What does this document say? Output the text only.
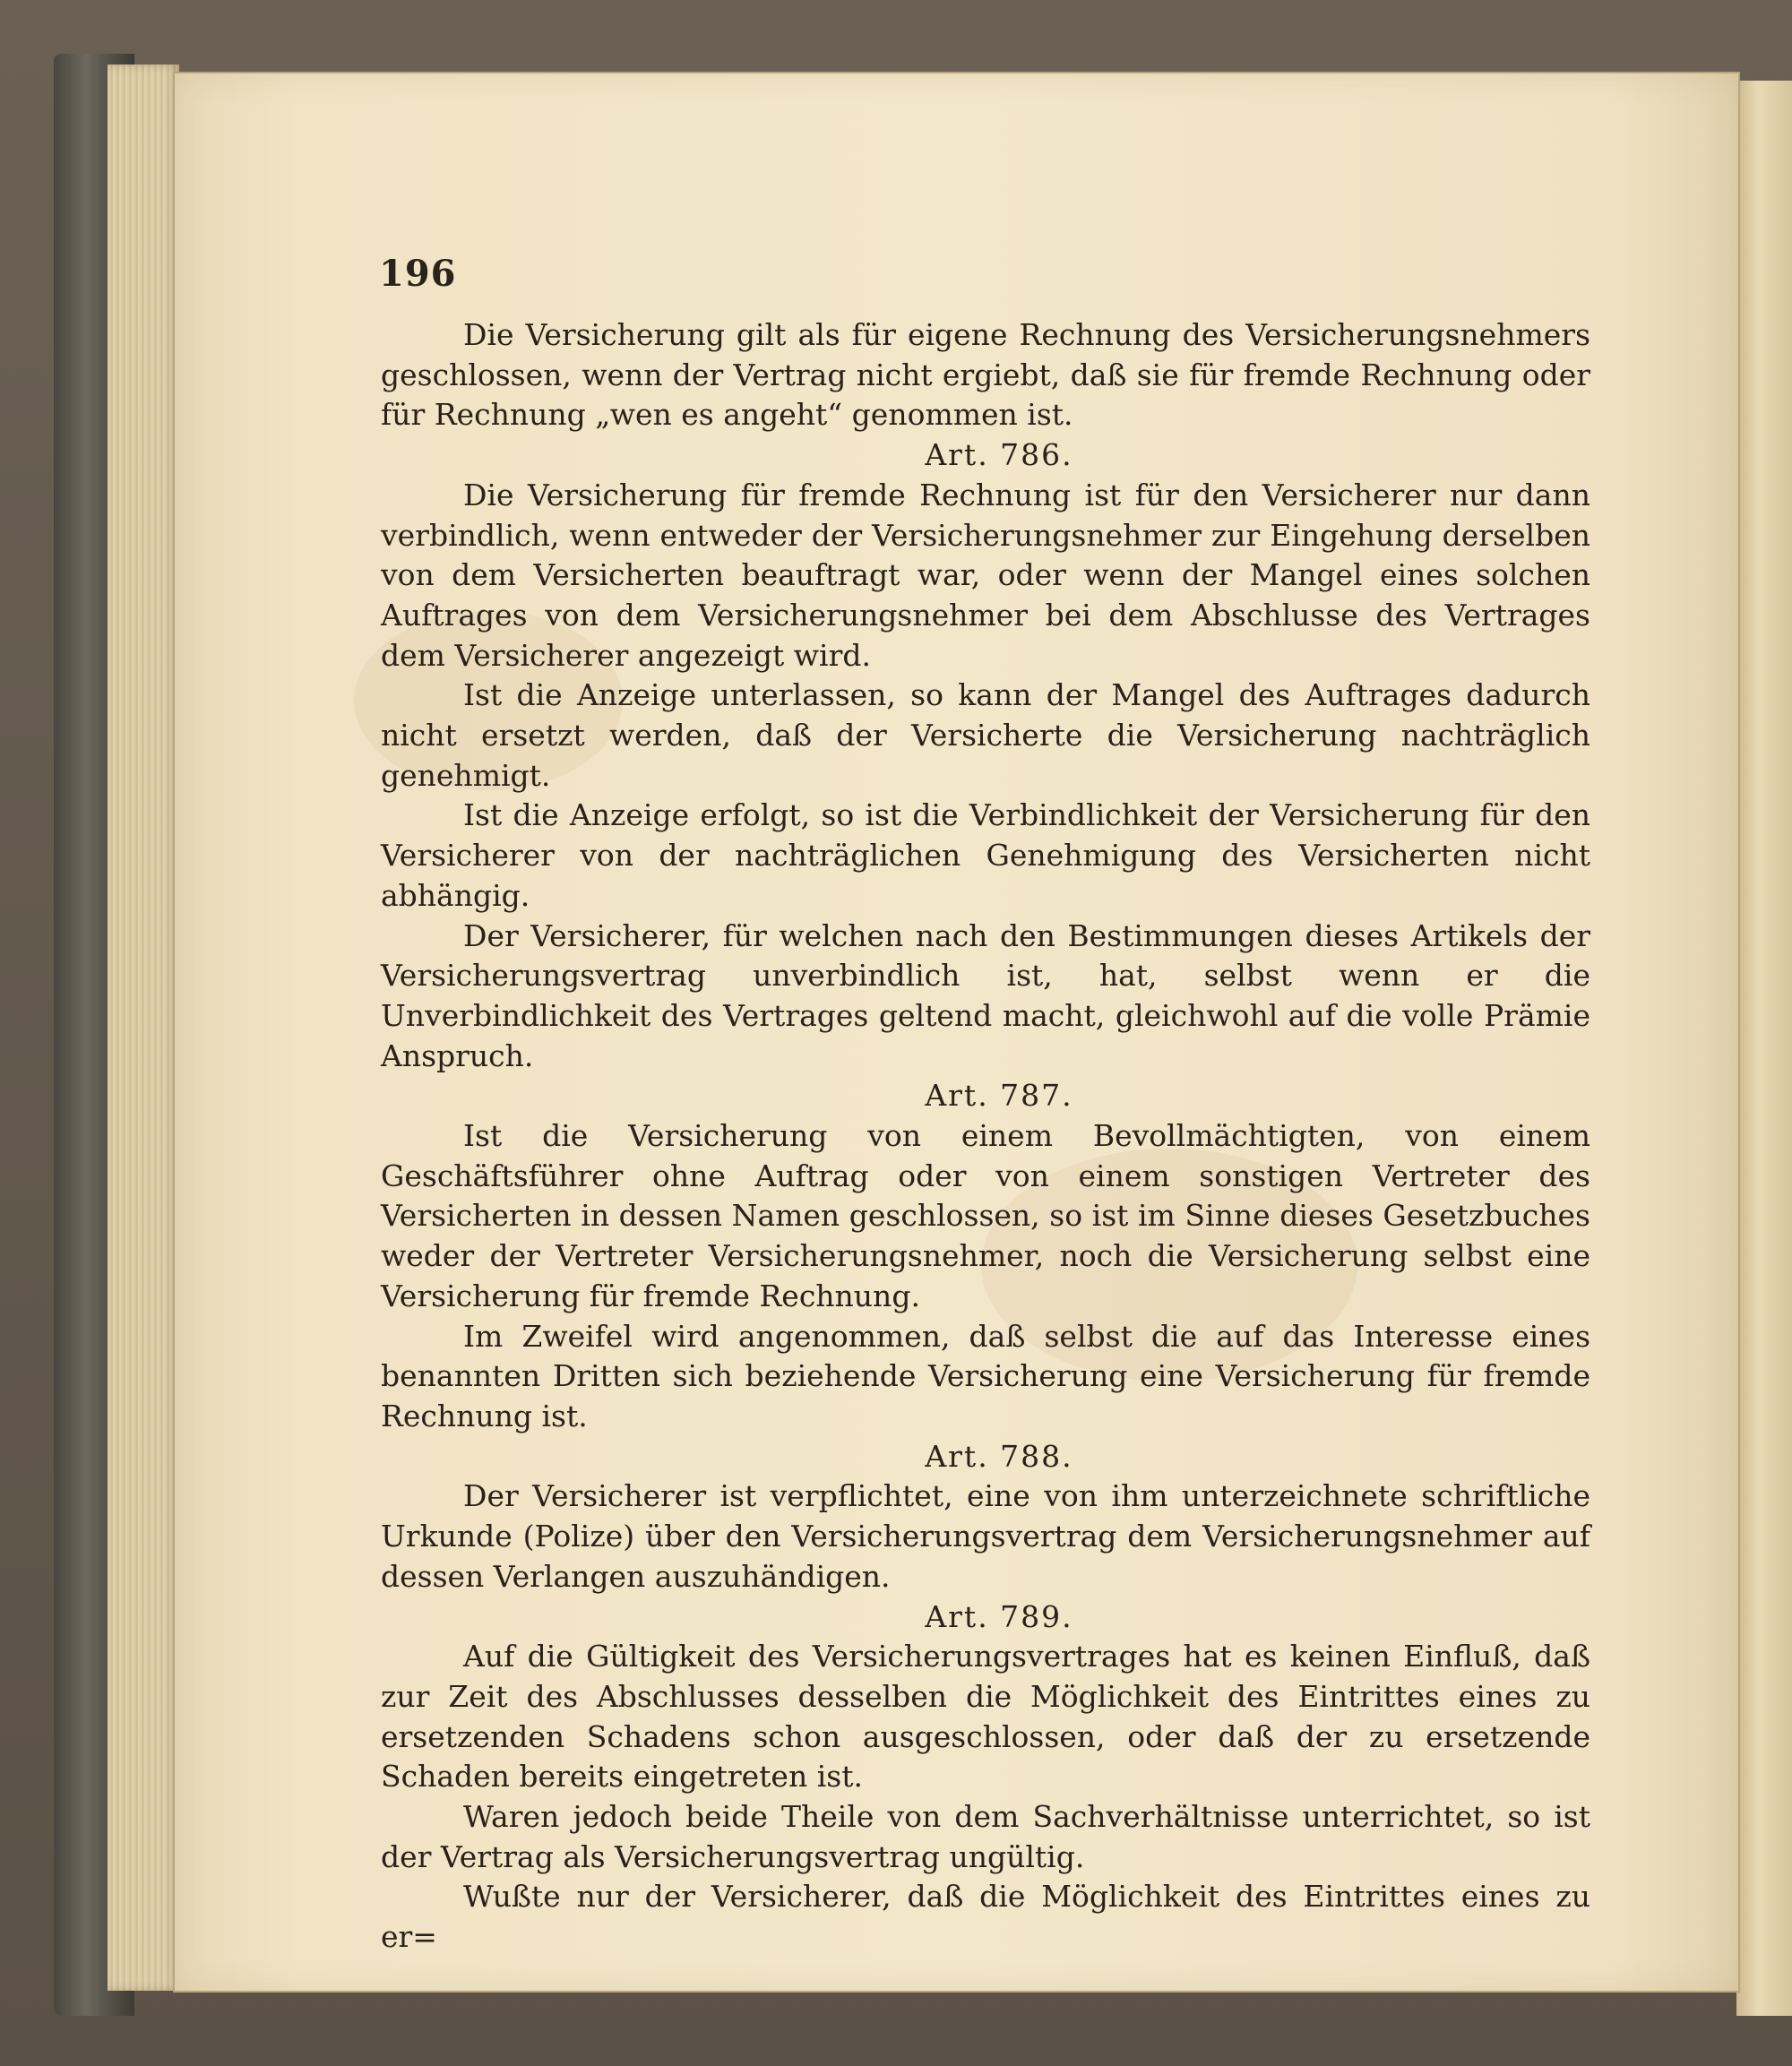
196

Die Versicherung gilt als für eigene Rechnung des Versicherungsnehmers geschlossen, wenn der Vertrag nicht ergiebt, daß sie für fremde Rechnung oder für Rechnung „wen es angeht“ genommen ist.

Art. 786.

Die Versicherung für fremde Rechnung ist für den Versicherer nur dann verbindlich, wenn entweder der Versicherungsnehmer zur Eingehung derselben von dem Versicherten beauftragt war, oder wenn der Mangel eines solchen Auftrages von dem Versicherungsnehmer bei dem Abschlusse des Vertrages dem Versicherer angezeigt wird.

Ist die Anzeige unterlassen, so kann der Mangel des Auftrages dadurch nicht ersetzt werden, daß der Versicherte die Versicherung nachträglich genehmigt.

Ist die Anzeige erfolgt, so ist die Verbindlichkeit der Versicherung für den Versicherer von der nachträglichen Genehmigung des Versicherten nicht abhängig.

Der Versicherer, für welchen nach den Bestimmungen dieses Artikels der Versicherungsvertrag unverbindlich ist, hat, selbst wenn er die Unverbindlichkeit des Vertrages geltend macht, gleichwohl auf die volle Prämie Anspruch.

Art. 787.

Ist die Versicherung von einem Bevollmächtigten, von einem Geschäftsführer ohne Auftrag oder von einem sonstigen Vertreter des Versicherten in dessen Namen geschlossen, so ist im Sinne dieses Gesetzbuches weder der Vertreter Versicherungsnehmer, noch die Versicherung selbst eine Versicherung für fremde Rechnung.

Im Zweifel wird angenommen, daß selbst die auf das Interesse eines benannten Dritten sich beziehende Versicherung eine Versicherung für fremde Rechnung ist.

Art. 788.

Der Versicherer ist verpflichtet, eine von ihm unterzeichnete schriftliche Urkunde (Polize) über den Versicherungsvertrag dem Versicherungsnehmer auf dessen Verlangen auszuhändigen.

Art. 789.

Auf die Gültigkeit des Versicherungsvertrages hat es keinen Einfluß, daß zur Zeit des Abschlusses desselben die Möglichkeit des Eintrittes eines zu ersetzenden Schadens schon ausgeschlossen, oder daß der zu ersetzende Schaden bereits eingetreten ist.

Waren jedoch beide Theile von dem Sachverhältnisse unterrichtet, so ist der Vertrag als Versicherungsvertrag ungültig.

Wußte nur der Versicherer, daß die Möglichkeit des Eintrittes eines zu er=
